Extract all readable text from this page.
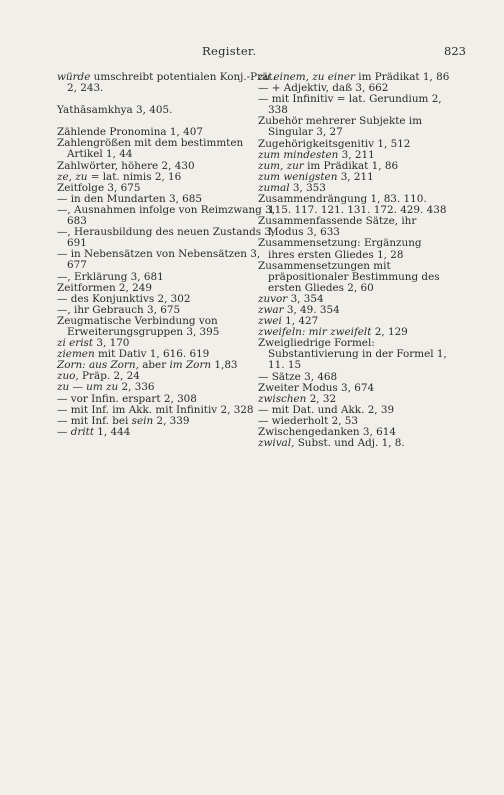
Register.	823

würde umschreibt potentialen Konj.-Prät. 2, 243.

Yathāsamkhya 3, 405.

Zählende Pronomina 1, 407

Zahlengrößen mit dem bestimmten Artikel 1, 44

Zahlwörter, höhere 2, 430

ze, zu = lat. nimis 2, 16

Zeitfolge 3, 675

— in den Mundarten 3, 685

—, Ausnahmen infolge von Reimzwang 3, 683

—, Herausbildung des neuen Zustands 3, 691

— in Nebensätzen von Nebensätzen 3, 677

—, Erklärung 3, 681

Zeitformen 2, 249

— des Konjunktivs 2, 302

—, ihr Gebrauch 3, 675

Zeugmatische Verbindung von Erweiterungsgruppen 3, 395

zi erist 3, 170

ziemen mit Dativ 1, 616. 619

Zorn: aus Zorn, aber im Zorn 1,83

zuo, Präp. 2, 24

zu — um zu 2, 336

— vor Infin. erspart 2, 308

— mit Inf. im Akk. mit Infinitiv 2, 328

— mit Inf. bei sein 2, 339

— dritt 1, 444

zu einem, zu einer im Prädikat 1, 86

— + Adjektiv, daß 3, 662

— mit Infinitiv = lat. Gerundium 2, 338

Zubehör mehrerer Subjekte im Singular 3, 27

Zugehörigkeitsgenitiv 1, 512

zum mindesten 3, 211

zum, zur im Prädikat 1, 86

zum wenigsten 3, 211

zumal 3, 353

Zusammendrängung 1, 83. 110. 115. 117. 121. 131. 172. 429. 438

Zusammenfassende Sätze, ihr Modus 3, 633

Zusammensetzung: Ergänzung ihres ersten Gliedes 1, 28

Zusammensetzungen mit präpositionaler Bestimmung des ersten Gliedes 2, 60

zuvor 3, 354

zwar 3, 49. 354

zwei 1, 427

zweifeln: mir zweifelt 2, 129

Zweigliedrige Formel: Substantivierung in der Formel 1, 11. 15

— Sätze 3, 468

Zweiter Modus 3, 674

zwischen 2, 32

— mit Dat. und Akk. 2, 39

— wiederholt 2, 53

Zwischengedanken 3, 614

zwival, Subst. und Adj. 1, 8.
